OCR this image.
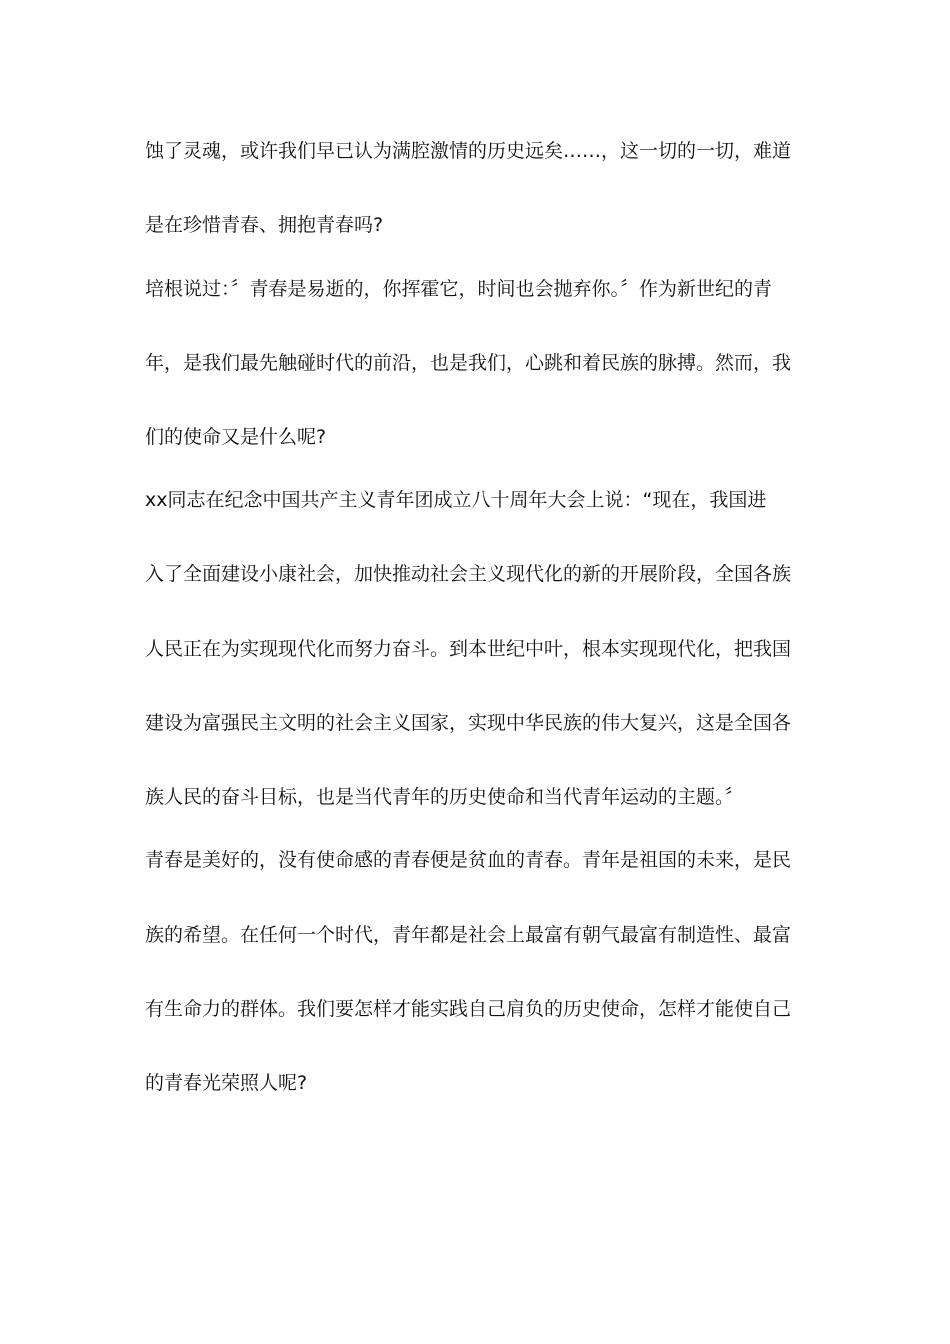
蚀了灵魂，或许我们早已认为满腔激情的历史远矣……，这一切的一切，难道
是在珍惜青春、拥抱青春吗?
培根说过：〞青春是易逝的，你挥霍它，时间也会抛弃你。〞作为新世纪的青
年，是我们最先触碰时代的前沿，也是我们，心跳和着民族的脉搏。然而，我
们的使命又是什么呢?
xx同志在纪念中国共产主义青年团成立八十周年大会上说：“现在，我国进
入了全面建设小康社会，加快推动社会主义现代化的新的开展阶段，全国各族
人民正在为实现现代化而努力奋斗。到本世纪中叶，根本实现现代化，把我国
建设为富强民主文明的社会主义国家，实现中华民族的伟大复兴，这是全国各
族人民的奋斗目标，也是当代青年的历史使命和当代青年运动的主题。〞
青春是美好的，没有使命感的青春便是贫血的青春。青年是祖国的未来，是民
族的希望。在任何一个时代，青年都是社会上最富有朝气最富有制造性、最富
有生命力的群体。我们要怎样才能实践自己肩负的历史使命，怎样才能使自己
的青春光荣照人呢?
